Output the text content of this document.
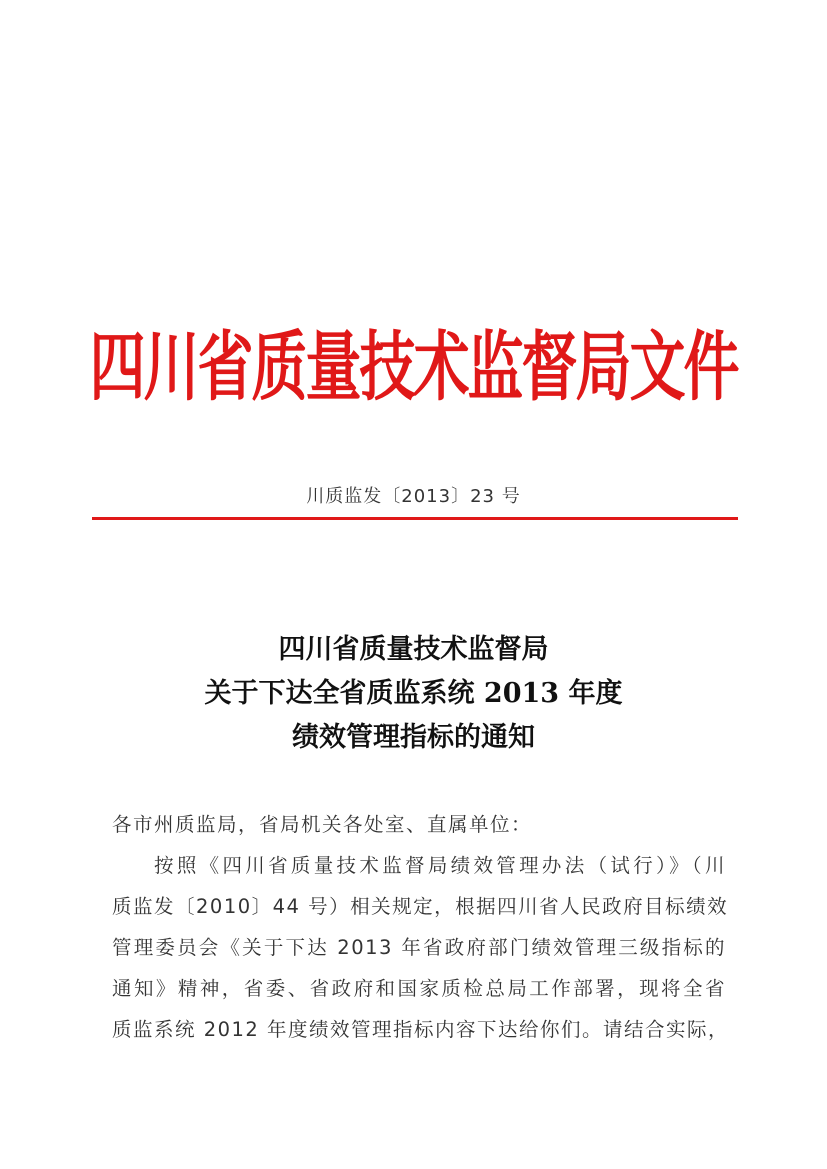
四川省质量技术监督局文件
川质监发〔2013〕23 号
四川省质量技术监督局
关于下达全省质监系统 2013 年度
绩效管理指标的通知
各市州质监局，省局机关各处室、直属单位：
按照《四川省质量技术监督局绩效管理办法（试行）》（川
质监发〔2010〕44 号）相关规定，根据四川省人民政府目标绩效
管理委员会《关于下达 2013 年省政府部门绩效管理三级指标的
通知》精神，省委、省政府和国家质检总局工作部署，现将全省
质监系统 2012 年度绩效管理指标内容下达给你们。请结合实际，
